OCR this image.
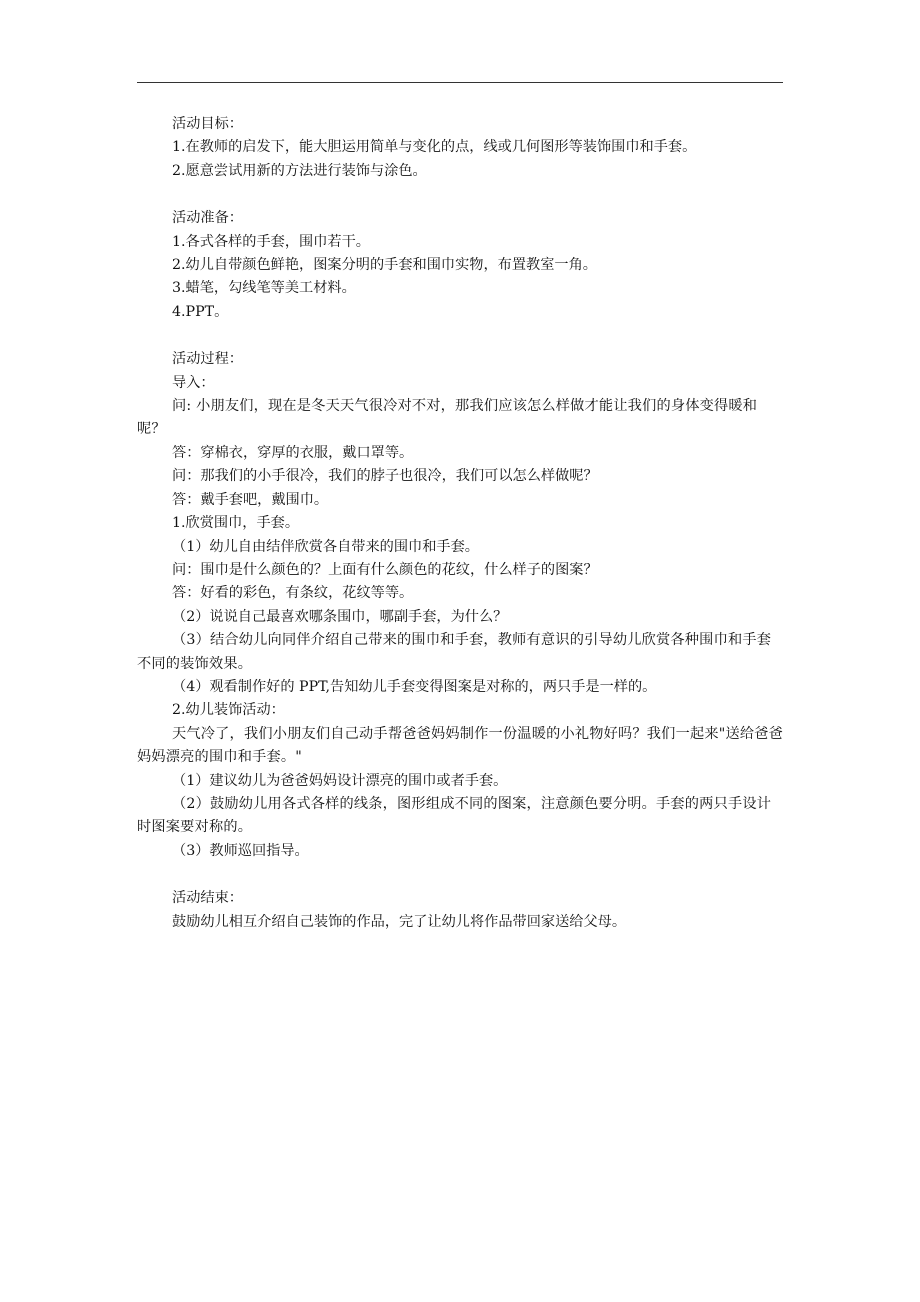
活动目标：
1.在教师的启发下，能大胆运用简单与变化的点，线或几何图形等装饰围巾和手套。
2.愿意尝试用新的方法进行装饰与涂色。
活动准备：
1.各式各样的手套，围巾若干。
2.幼儿自带颜色鲜艳，图案分明的手套和围巾实物，布置教室一角。
3.蜡笔，勾线笔等美工材料。
4.PPT。
活动过程：
导入：
问: 小朋友们，现在是冬天天气很冷对不对，那我们应该怎么样做才能让我们的身体变得暖和呢？
答：穿棉衣，穿厚的衣服，戴口罩等。
问：那我们的小手很冷，我们的脖子也很冷，我们可以怎么样做呢？
答：戴手套吧，戴围巾。
1.欣赏围巾，手套。
（1）幼儿自由结伴欣赏各自带来的围巾和手套。
问：围巾是什么颜色的？上面有什么颜色的花纹，什么样子的图案？
答：好看的彩色，有条纹，花纹等等。
（2）说说自己最喜欢哪条围巾，哪副手套，为什么？
（3）结合幼儿向同伴介绍自己带来的围巾和手套，教师有意识的引导幼儿欣赏各种围巾和手套不同的装饰效果。
（4）观看制作好的 PPT,告知幼儿手套变得图案是对称的，两只手是一样的。
2.幼儿装饰活动：
天气冷了，我们小朋友们自己动手帮爸爸妈妈制作一份温暖的小礼物好吗？我们一起来"送给爸爸妈妈漂亮的围巾和手套。"
（1）建议幼儿为爸爸妈妈设计漂亮的围巾或者手套。
（2）鼓励幼儿用各式各样的线条，图形组成不同的图案，注意颜色要分明。手套的两只手设计时图案要对称的。
（3）教师巡回指导。
活动结束：
鼓励幼儿相互介绍自己装饰的作品，完了让幼儿将作品带回家送给父母。
